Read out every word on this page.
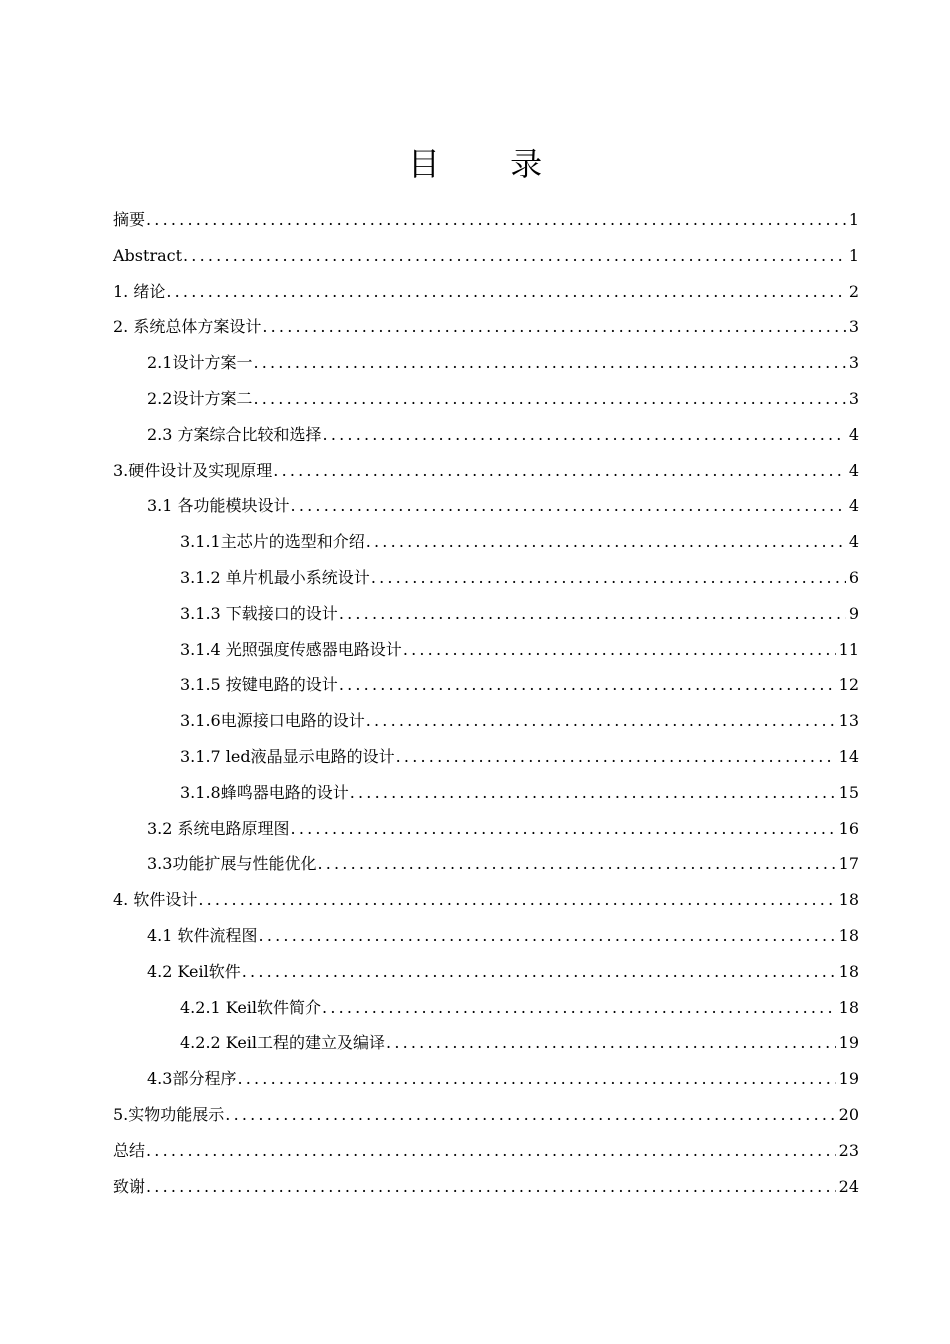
目 录
摘要 .....	1
Abstract .....	1
1. 绪论 .....	2
2. 系统总体方案设计 .....	3
2.1设计方案一 .....	3
2.2设计方案二 .....	3
2.3 方案综合比较和选择 .....	4
3.硬件设计及实现原理 .....	4
3.1 各功能模块设计 .....	4
3.1.1主芯片的选型和介绍 .....	4
3.1.2 单片机最小系统设计 .....	6
3.1.3 下载接口的设计 .....	9
3.1.4 光照强度传感器电路设计 .....	11
3.1.5 按键电路的设计 .....	12
3.1.6电源接口电路的设计 .....	13
3.1.7 led液晶显示电路的设计 .....	14
3.1.8蜂鸣器电路的设计 .....	15
3.2 系统电路原理图 .....	16
3.3功能扩展与性能优化 .....	17
4. 软件设计 .....	18
4.1 软件流程图 .....	18
4.2 Keil软件 .....	18
4.2.1 Keil软件简介 .....	18
4.2.2 Keil工程的建立及编译 .....	19
4.3部分程序 .....	19
5.实物功能展示 .....	20
总结 .....	23
致谢 .....	24
